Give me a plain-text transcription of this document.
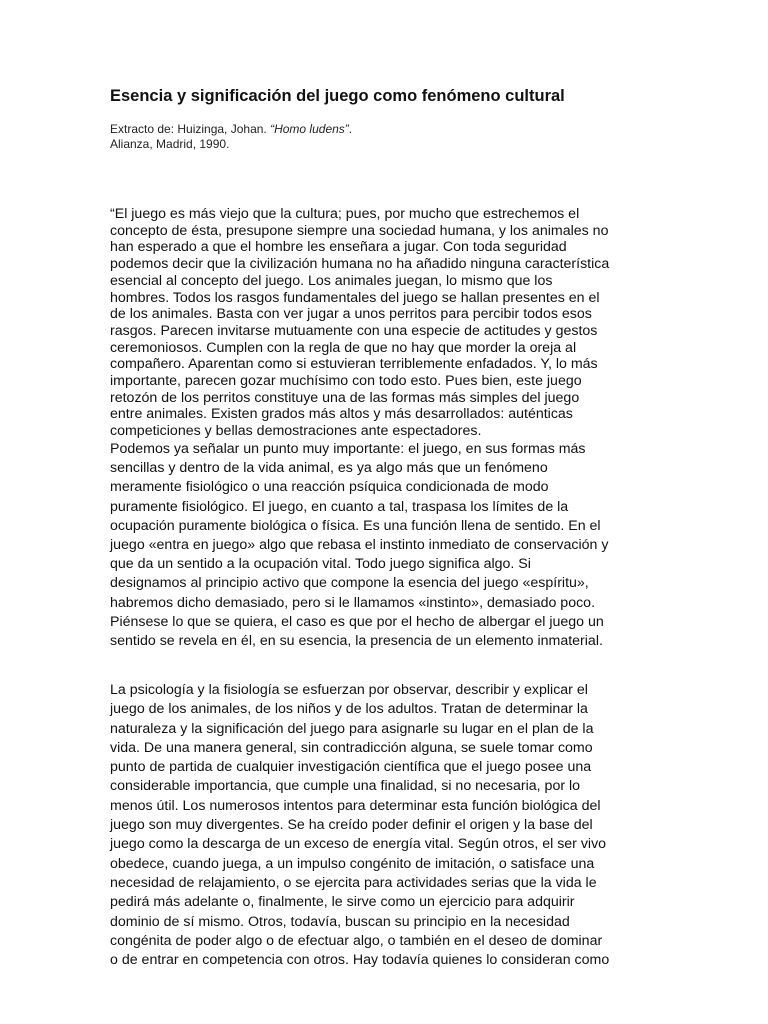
Esencia y significación del juego como fenómeno cultural
Extracto de: Huizinga, Johan. “Homo ludens”.
Alianza, Madrid, 1990.

“El juego es más viejo que la cultura; pues, por mucho que estrechemos el
concepto de ésta, presupone siempre una sociedad humana, y los animales no
han esperado a que el hombre les enseñara a jugar. Con toda seguridad
podemos decir que la civilización humana no ha añadido ninguna característica
esencial al concepto del juego. Los animales juegan, lo mismo que los
hombres. Todos los rasgos fundamentales del juego se hallan presentes en el
de los animales. Basta con ver jugar a unos perritos para percibir todos esos
rasgos. Parecen invitarse mutuamente con una especie de actitudes y gestos
ceremoniosos. Cumplen con la regla de que no hay que morder la oreja al
compañero. Aparentan como si estuvieran terriblemente enfadados. Y, lo más
importante, parecen gozar muchísimo con todo esto. Pues bien, este juego
retozón de los perritos constituye una de las formas más simples del juego
entre animales. Existen grados más altos y más desarrollados: auténticas
competiciones y bellas demostraciones ante espectadores.

Podemos ya señalar un punto muy importante: el juego, en sus formas más
sencillas y dentro de la vida animal, es ya algo más que un fenómeno
meramente fisiológico o una reacción psíquica condicionada de modo
puramente fisiológico. El juego, en cuanto a tal, traspasa los límites de la
ocupación puramente biológica o física. Es una función llena de sentido. En el
juego «entra en juego» algo que rebasa el instinto inmediato de conservación y
que da un sentido a la ocupación vital. Todo juego significa algo. Si
designamos al principio activo que compone la esencia del juego «espíritu»,
habremos dicho demasiado, pero si le llamamos «instinto», demasiado poco.
Piénsese lo que se quiera, el caso es que por el hecho de albergar el juego un
sentido se revela en él, en su esencia, la presencia de un elemento inmaterial.

La psicología y la fisiología se esfuerzan por observar, describir y explicar el
juego de los animales, de los niños y de los adultos. Tratan de determinar la
naturaleza y la significación del juego para asignarle su lugar en el plan de la
vida. De una manera general, sin contradicción alguna, se suele tomar como
punto de partida de cualquier investigación científica que el juego posee una
considerable importancia, que cumple una finalidad, si no necesaria, por lo
menos útil. Los numerosos intentos para determinar esta función biológica del
juego son muy divergentes. Se ha creído poder definir el origen y la base del
juego como la descarga de un exceso de energía vital. Según otros, el ser vivo
obedece, cuando juega, a un impulso congénito de imitación, o satisface una
necesidad de relajamiento, o se ejercita para actividades serias que la vida le
pedirá más adelante o, finalmente, le sirve como un ejercicio para adquirir
dominio de sí mismo. Otros, todavía, buscan su principio en la necesidad
congénita de poder algo o de efectuar algo, o también en el deseo de dominar
o de entrar en competencia con otros. Hay todavía quienes lo consideran como
